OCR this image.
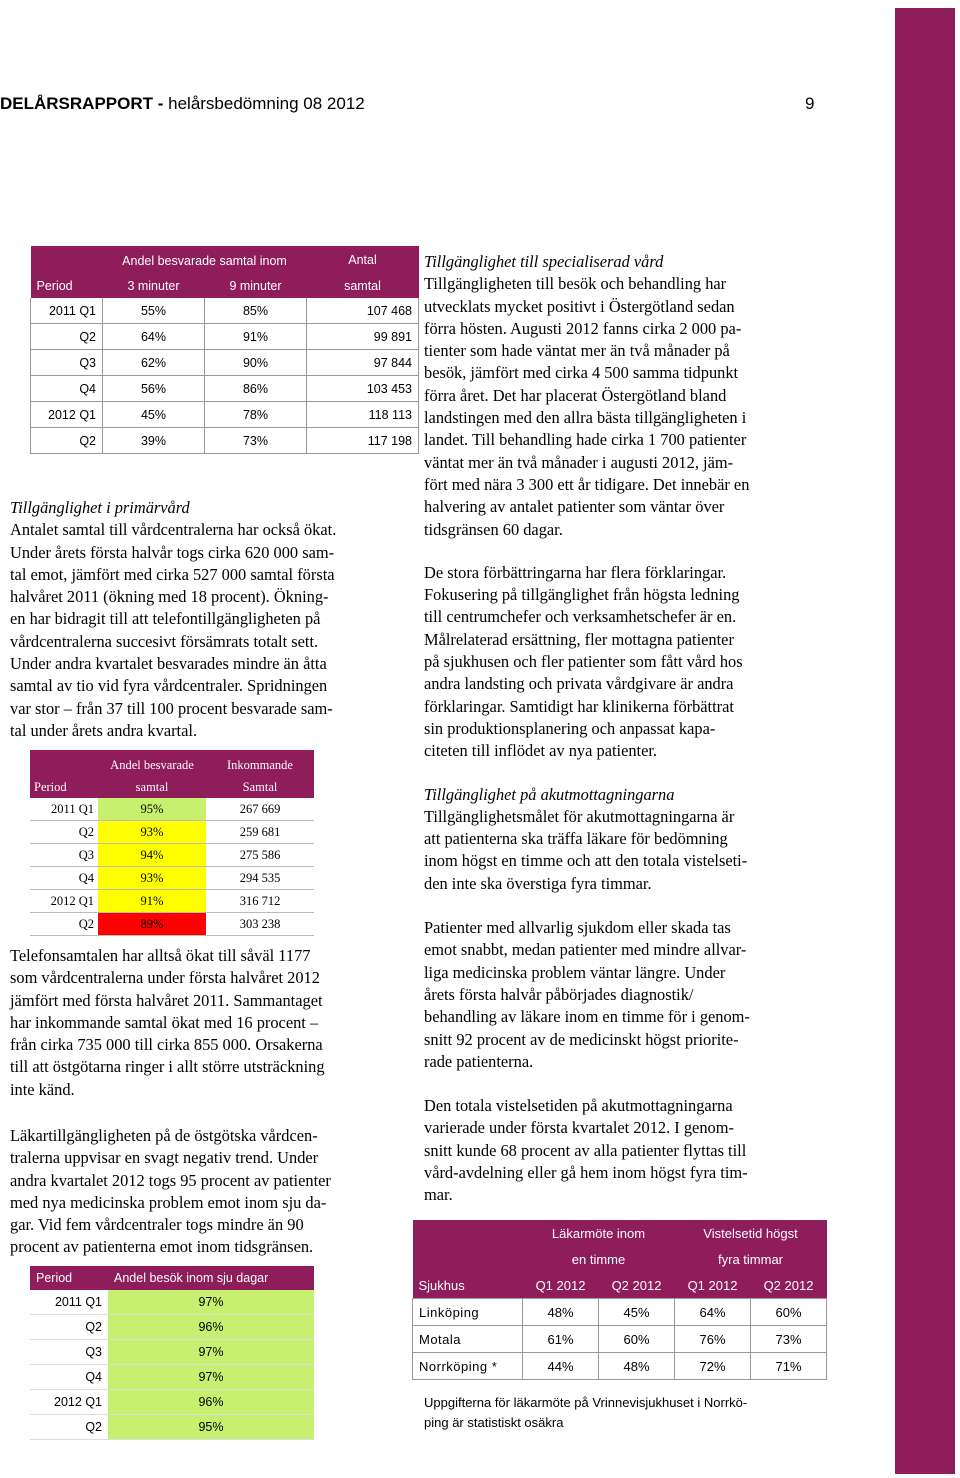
DELÅRSRAPPORT - helårsbedömning 08 2012	9
	Andel besvarade samtal inom		Antal
Period	3 minuter	9 minuter	samtal
2011 Q1	55%	85%	107 468
Q2	64%	91%	99 891
Q3	62%	90%	97 844
Q4	56%	86%	103 453
2012 Q1	45%	78%	118 113
Q2	39%	73%	117 198

Tillgänglighet i primärvård
Antalet samtal till vårdcentralerna har också ökat.
Under årets första halvår togs cirka 620 000 sam-
tal emot, jämfört med cirka 527 000 samtal första
halvåret 2011 (ökning med 18 procent). Ökning-
en har bidragit till att telefontillgängligheten på
vårdcentralerna succesivt försämrats totalt sett.
Under andra kvartalet besvarades mindre än åtta
samtal av tio vid fyra vårdcentraler. Spridningen
var stor – från 37 till 100 procent besvarade sam-
tal under årets andra kvartal.

	Andel besvarade	Inkommande
Period	samtal	Samtal
2011 Q1	95%	267 669
Q2	93%	259 681
Q3	94%	275 586
Q4	93%	294 535
2012 Q1	91%	316 712
Q2	89%	303 238

Telefonsamtalen har alltså ökat till såväl 1177
som vårdcentralerna under första halvåret 2012
jämfört med första halvåret 2011. Sammantaget
har inkommande samtal ökat med 16 procent –
från cirka 735 000 till cirka 855 000. Orsakerna
till att östgötarna ringer i allt större utsträckning
inte känd.

Läkartillgängligheten på de östgötska vårdcen-
tralerna uppvisar en svagt negativ trend. Under
andra kvartalet 2012 togs 95 procent av patienter
med nya medicinska problem emot inom sju da-
gar. Vid fem vårdcentraler togs mindre än 90
procent av patienterna emot inom tidsgränsen.

Period	Andel besök inom sju dagar
2011 Q1	97%
Q2	96%
Q3	97%
Q4	97%
2012 Q1	96%
Q2	95%

Tillgänglighet till specialiserad vård
Tillgängligheten till besök och behandling har
utvecklats mycket positivt i Östergötland sedan
förra hösten. Augusti 2012 fanns cirka 2 000 pa-
tienter som hade väntat mer än två månader på
besök, jämfört med cirka 4 500 samma tidpunkt
förra året. Det har placerat Östergötland bland
landstingen med den allra bästa tillgängligheten i
landet. Till behandling hade cirka 1 700 patienter
väntat mer än två månader i augusti 2012, jäm-
fört med nära 3 300 ett år tidigare. Det innebär en
halvering av antalet patienter som väntar över
tidsgränsen 60 dagar.

De stora förbättringarna har flera förklaringar.
Fokusering på tillgänglighet från högsta ledning
till centrumchefer och verksamhetschefer är en.
Målrelaterad ersättning, fler mottagna patienter
på sjukhusen och fler patienter som fått vård hos
andra landsting och privata vårdgivare är andra
förklaringar. Samtidigt har klinikerna förbättrat
sin produktionsplanering och anpassat kapa-
citeten till inflödet av nya patienter.

Tillgänglighet på akutmottagningarna
Tillgänglighetsmålet för akutmottagningarna är
att patienterna ska träffa läkare för bedömning
inom högst en timme och att den totala vistelseti-
den inte ska överstiga fyra timmar.

Patienter med allvarlig sjukdom eller skada tas
emot snabbt, medan patienter med mindre allvar-
liga medicinska problem väntar längre. Under
årets första halvår påbörjades diagnostik/
behandling av läkare inom en timme för i genom-
snitt 92 procent av de medicinskt högst priorite-
rade patienterna.

Den totala vistelsetiden på akutmottagningarna
varierade under första kvartalet 2012. I genom-
snitt kunde 68 procent av alla patienter flyttas till
vård-avdelning eller gå hem inom högst fyra tim-
mar.

	Läkarmöte inom		Vistelsetid högst	
	en timme		fyra timmar	
Sjukhus	Q1 2012	Q2 2012	Q1 2012	Q2 2012
Linköping	48%	45%	64%	60%
Motala	61%	60%	76%	73%
Norrköping *	44%	48%	72%	71%
Uppgifterna för läkarmöte på Vrinnevisjukhuset i Norrkö-
ping är statistiskt osäkra
